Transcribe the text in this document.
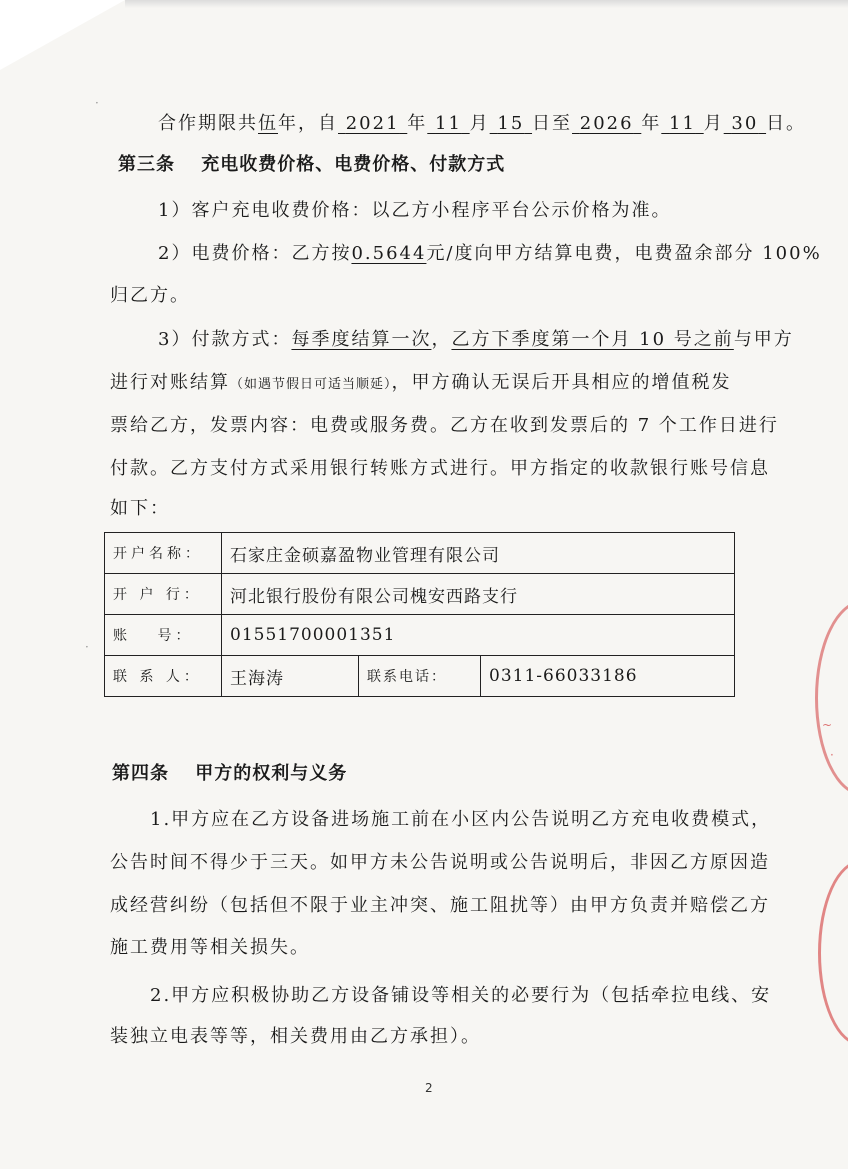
合作期限共伍年，自 2021 年 11 月 15 日至 2026 年 11 月 30 日。
第三条　 充电收费价格、电费价格、付款方式
1）客户充电收费价格：以乙方小程序平台公示价格为准。
2）电费价格：乙方按0.5644元/度向甲方结算电费，电费盈余部分 100%
归乙方。
3）付款方式：每季度结算一次，乙方下季度第一个月 10 号之前与甲方
进行对账结算（如遇节假日可适当顺延），甲方确认无误后开具相应的增值税发
票给乙方，发票内容：电费或服务费。乙方在收到发票后的 7 个工作日进行
付款。乙方支付方式采用银行转账方式进行。甲方指定的收款银行账号信息
如下：
开户名称：	石家庄金硕嘉盈物业管理有限公司		
开 户 行：	河北银行股份有限公司槐安西路支行		
账　 号：	01551700001351		
联 系 人：	王海涛	联系电话：	0311-66033186
第四条　 甲方的权利与义务
1.甲方应在乙方设备进场施工前在小区内公告说明乙方充电收费模式，
公告时间不得少于三天。如甲方未公告说明或公告说明后，非因乙方原因造
成经营纠纷（包括但不限于业主冲突、施工阻扰等）由甲方负责并赔偿乙方
施工费用等相关损失。
2.甲方应积极协助乙方设备铺设等相关的必要行为（包括牵拉电线、安
装独立电表等等，相关费用由乙方承担）。
2
~
·
·
·
